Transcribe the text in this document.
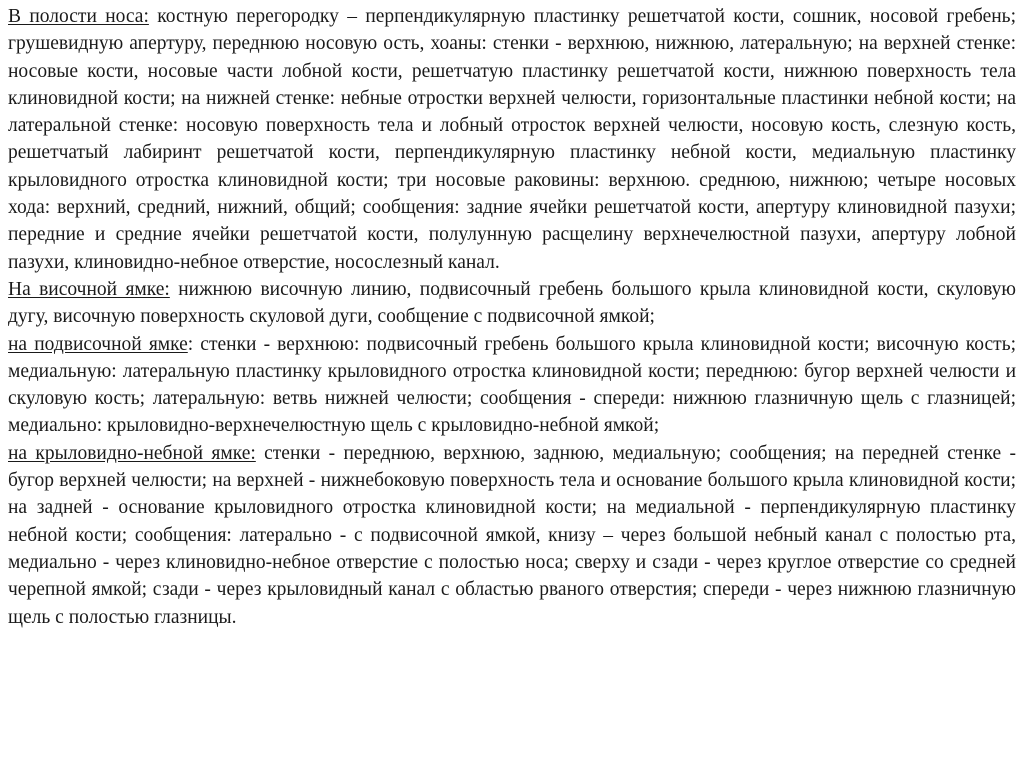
В полости носа: костную перегородку – перпендикулярную пластинку решетчатой кости, сошник, носовой гребень; грушевидную апертуру, переднюю носовую ость, хоаны: стенки - верхнюю, нижнюю, латеральную; на верхней стенке: носовые кости, носовые части лобной кости, решетчатую пластинку решетчатой кости, нижнюю поверхность тела клиновидной кости; на нижней стенке: небные отростки верхней челюсти, горизонтальные пластинки небной кости; на латеральной стенке: носовую поверхность тела и лобный отросток верхней челюсти, носовую кость, слезную кость, решетчатый лабиринт решетчатой кости, перпендикулярную пластинку небной кости, медиальную пластинку крыловидного отростка клиновидной кости; три носовые раковины: верхнюю. среднюю, нижнюю; четыре носовых хода: верхний, средний, нижний, общий; сообщения: задние ячейки решетчатой кости, апертуру клиновидной пазухи; передние и средние ячейки решетчатой кости, полулунную расщелину верхнечелюстной пазухи, апертуру лобной пазухи, клиновидно-небное отверстие, носослезный канал.

На височной ямке: нижнюю височную линию, подвисочный гребень большого крыла клиновидной кости, скуловую дугу, височную поверхность скуловой дуги, сообщение с подвисочной ямкой;

на подвисочной ямке: стенки - верхнюю: подвисочный гребень большого крыла клиновидной кости; височную кость; медиальную: латеральную пластинку крыловидного отростка клиновидной кости; переднюю: бугор верхней челюсти и скуловую кость; латеральную: ветвь нижней челюсти; сообщения - спереди: нижнюю глазничную щель с глазницей; медиально: крыловидно-верхнечелюстную щель с крыловидно-небной ямкой;

на крыловидно-небной ямке: стенки - переднюю, верхнюю, заднюю, медиальную; сообщения; на передней стенке - бугор верхней челюсти; на верхней - нижнебоковую поверхность тела и основание большого крыла клиновидной кости; на задней - основание крыловидного отростка клиновидной кости; на медиальной - перпендикулярную пластинку небной кости; сообщения: латерально - с подвисочной ямкой, книзу – через большой небный канал с полостью рта, медиально - через клиновидно-небное отверстие с полостью носа; сверху и сзади - через круглое отверстие со средней черепной ямкой; сзади - через крыловидный канал с областью рваного отверстия; спереди - через нижнюю глазничную щель с полостью глазницы.
